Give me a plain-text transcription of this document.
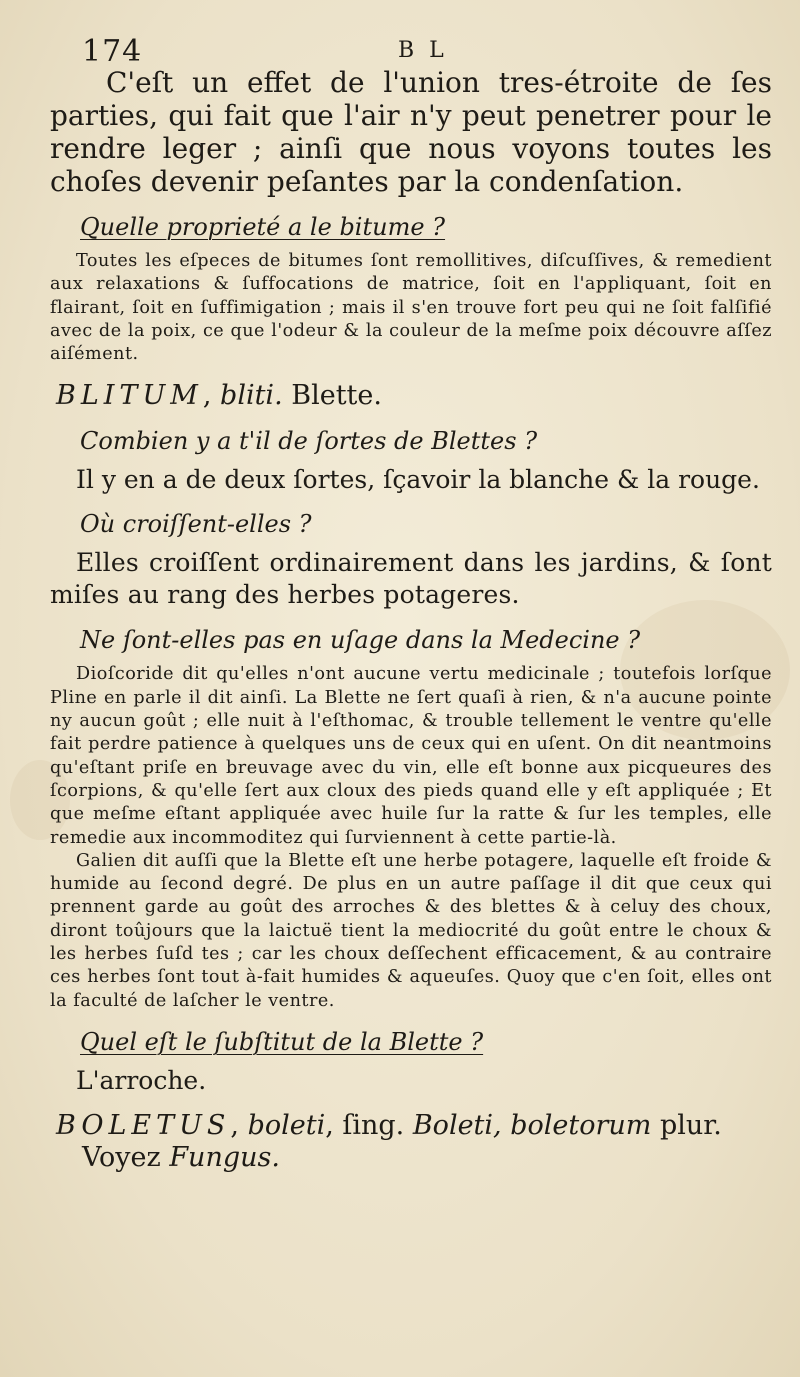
174	B L

C'eſt un effet de l'union tres-étroite de ſes parties, qui fait que l'air n'y peut penetrer pour le rendre leger ; ainſi que nous voyons toutes les choſes devenir peſantes par la condenſation.

Quelle proprieté a le bitume ?

Toutes les eſpeces de bitumes ſont remollitives, diſcuſſives, & remedient aux relaxations & ſuffocations de matrice, ſoit en l'appliquant, ſoit en flairant, ſoit en ſuffimigation ; mais il s'en trouve fort peu qui ne ſoit falſifié avec de la poix, ce que l'odeur & la couleur de la meſme poix découvre aſſez aiſément.

BLITUM, bliti. Blette.
Combien y a t'il de ſortes de Blettes ?

Il y en a de deux ſortes, ſçavoir la blanche & la rouge.

Où croiſſent-elles ?

Elles croiſſent ordinairement dans les jardins, & ſont miſes au rang des herbes potageres.

Ne ſont-elles pas en uſage dans la Medecine ?

Dioſcoride dit qu'elles n'ont aucune vertu medicinale ; toutefois lorſque Pline en parle il dit ainſi. La Blette ne ſert quaſi à rien, & n'a aucune pointe ny aucun goût ; elle nuit à l'eſthomac, & trouble tellement le ventre qu'elle fait perdre patience à quelques uns de ceux qui en uſent. On dit neantmoins qu'eſtant priſe en breuvage avec du vin, elle eſt bonne aux picqueures des ſcorpions, & qu'elle ſert aux cloux des pieds quand elle y eſt appliquée ; Et que meſme eſtant appliquée avec huile ſur la ratte & ſur les temples, elle remedie aux incommoditez qui ſurviennent à cette partie-là.

Galien dit auſſi que la Blette eſt une herbe potagere, laquelle eſt froide & humide au ſecond degré. De plus en un autre paſſage il dit que ceux qui prennent garde au goût des arroches & des blettes & à celuy des choux, diront toûjours que la laictuë tient la mediocrité du goût entre le choux & les herbes ſuſd tes ; car les choux deſſechent efficacement, & au contraire ces herbes ſont tout à-fait humides & aqueuſes. Quoy que c'en ſoit, elles ont la faculté de laſcher le ventre.

Quel eſt le ſubſtitut de la Blette ?

L'arroche.

BOLETUS, boleti, ſing. Boleti, boletorum plur.
Voyez Fungus.
